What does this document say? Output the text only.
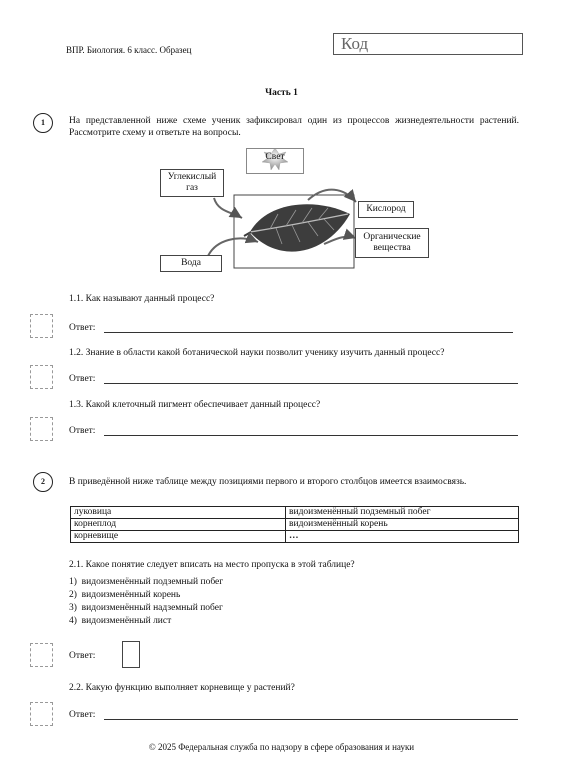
ВПР. Биология. 6 класс. Образец	Код
Часть 1
1	На представленной ниже схеме ученик зафиксировал один из процессов жизнедеятельности растений. Рассмотрите схему и ответьте на вопросы.
Свет
Углекислый
газ
Вода
Кислород
Органические
вещества
1.1. Как называют данный процесс?
Ответ:
1.2. Знание в области какой ботанической науки позволит ученику изучить данный процесс?
Ответ:
1.3. Какой клеточный пигмент обеспечивает данный процесс?
Ответ:
2	В приведённой ниже таблице между позициями первого и второго столбцов имеется взаимосвязь.
луковица	видоизменённый подземный побег
корнеплод	видоизменённый корень
корневище	…
2.1. Какое понятие следует вписать на место пропуска в этой таблице?
1) видоизменённый подземный побег
2) видоизменённый корень
3) видоизменённый надземный побег
4) видоизменённый лист
Ответ:
2.2. Какую функцию выполняет корневище у растений?
Ответ:
© 2025 Федеральная служба по надзору в сфере образования и науки
